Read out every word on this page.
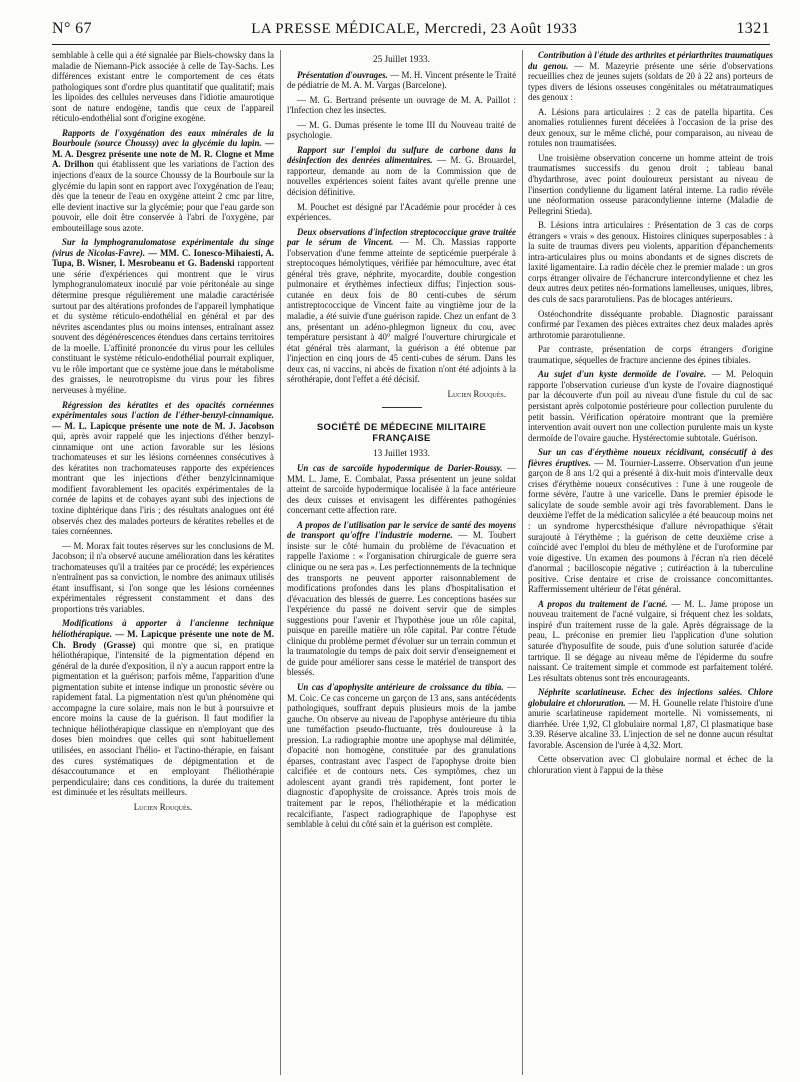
N° 67	LA PRESSE MÉDICALE, Mercredi, 23 Août 1933	1321

semblable à celle qui a été signalée par Biels-chowsky dans la maladie de Niemann-Pick associée à celle de Tay-Sachs. Les différences existant entre le comportement de ces états pathologiques sont d'ordre plus quantitatif que qualitatif; mais les lipoïdes des cellules nerveuses dans l'idiotie amaurotique sont de nature endogène, tandis que ceux de l'appareil réticulo-endothélial sont d'origine exogène.

Rapports de l'oxygénation des eaux minérales de la Bourboule (source Choussy) avec la glycémie du lapin. — M. A. Desgrez présente une note de M. R. Clogne et Mme A. Drilhon qui établissent que les variations de l'action des injections d'eaux de la source Choussy de la Bourboule sur la glycémie du lapin sont en rapport avec l'oxygénation de l'eau; dès que la teneur de l'eau en oxygène atteint 2 cmc par litre, elle devient inactive sur la glycémie; pour que l'eau garde son pouvoir, elle doit être conservée à l'abri de l'oxygène, par embouteillage sous azote.

Sur la lymphogranulomatose expérimentale du singe (virus de Nicolas-Favre). — MM. C. Ionesco-Mihaiesti, A. Tupa, B. Wisner, I. Mesrobeanu et G. Badenski rapportent une série d'expériences qui montrent que le virus lymphogranulomateux inoculé par voie péritonéale au singe détermine presque régulièrement une maladie caractérisée surtout par des altérations profondes de l'appareil lymphatique et du système réticulo-endothélial en général et par des névrites ascendantes plus ou moins intenses, entraînant assez souvent des dégénérescences étendues dans certains territoires de la moelle. L'affinité prononcée du virus pour les cellules constituant le système réticulo-endothélial pourrait expliquer, vu le rôle important que ce système joue dans le métabolisme des graisses, le neurotropisme du virus pour les fibres nerveuses à myéline.

Régression des kératites et des opacités cornéennes expérimentales sous l'action de l'éther-benzyl-cinnamique. — M. L. Lapicque présente une note de M. J. Jacobson qui, après avoir rappelé que les injections d'éther benzyl-cinnamique ont une action favorable sur les lésions trachomateuses et sur les lésions cornéennes consécutives à des kératites non trachomateuses rapporte des expériences montrant que les injections d'éther benzylcinnamique modifient favorablement les opacités expérimentales de la cornée de lapins et de cobayes ayant subi des injections de toxine diphtérique dans l'iris ; des résultats analogues ont été observés chez des malades porteurs de kératites rebelles et de taies cornéennes.

— M. Morax fait toutes réserves sur les conclusions de M. Jacobson; il n'a observé aucune amélioration dans les kératites trachomateuses qu'il a traitées par ce procédé; les expériences n'entraînent pas sa conviction, le nombre des animaux utilisés étant insuffisant, si l'on songe que les lésions cornéennes expérimentales régressent constamment et dans des proportions très variables.

Modifications à apporter à l'ancienne technique héliothérapique. — M. Lapicque présente une note de M. Ch. Brody (Grasse) qui montre que si, en pratique héliothérapique, l'intensité de la pigmentation dépend en général de la durée d'exposition, il n'y a aucun rapport entre la pigmentation et la guérison; parfois même, l'apparition d'une pigmentation subite et intense indique un pronostic sévère ou rapidement fatal. La pigmentation n'est qu'un phénomène qui accompagne la cure solaire, mais non le but à poursuivre et encore moins la cause de la guérison. Il faut modifier la technique héliothérapique classique en n'employant que des doses bien moindres que celles qui sont habituellement utilisées, en associant l'hélio- et l'actino-thérapie, en faisant des cures systématiques de dépigmentation et de désaccoutumance et en employant l'héliothérapie perpendiculaire; dans ces conditions, la durée du traitement est diminuée et les résultats meilleurs.

Lucien Rouquès.

25 Juillet 1933.

Présentation d'ouvrages. — M. H. Vincent présente le Traité de pédiatrie de M. A. M. Vargas (Barcelone).

— M. G. Bertrand présente un ouvrage de M. A. Paillot : l'Infection chez les insectes.

— M. G. Dumas présente le tome III du Nouveau traité de psychologie.

Rapport sur l'emploi du sulfure de carbone dans la désinfection des denrées alimentaires. — M. G. Brouardel, rapporteur, demande au nom de la Commission que de nouvelles expériences soient faites avant qu'elle prenne une décision définitive.

M. Pouchet est désigné par l'Académie pour procéder à ces expériences.

Deux observations d'infection streptococcique grave traitée par le sérum de Vincent. — M. Ch. Massias rapporte l'observation d'une femme atteinte de septicémie puerpérale à streptocoques hémolytiques, vérifiée par hémoculture, avec état général très grave, néphrite, myocardite, double congestion pulmonaire et érythèmes infectieux diffus; l'injection sous-cutanée en deux fois de 80 centi-cubes de sérum antistreptococcique de Vincent faite au vingtième jour de la maladie, a été suivie d'une guérison rapide. Chez un enfant de 3 ans, présentant un adéno-phlegmon ligneux du cou, avec température persistant à 40° malgré l'ouverture chirurgicale et état général très alarmant, la guérison a été obtenue par l'injection en cinq jours de 45 centi-cubes de sérum. Dans les deux cas, ni vaccins, ni abcès de fixation n'ont été adjoints à la sérothérapie, dont l'effet a été décisif.

Lucien Rouquès.

SOCIÉTÉ DE MÉDECINE MILITAIRE FRANÇAISE

13 Juillet 1933.

Un cas de sarcoïde hypodermique de Darier-Roussy. — MM. L. Jame, E. Combalat, Passa présentent un jeune soldat atteint de sarcoïde hypodermique localisée à la face antérieure des deux cuisses et envisagent les différentes pathogénies concernant cette affection rare.

A propos de l'utilisation par le service de santé des moyens de transport qu'offre l'industrie moderne. — M. Toubert insiste sur le côté humain du problème de l'évacuation et rappelle l'axiome : « l'organisation chirurgicale de guerre sera clinique ou ne sera pas ». Les perfectionnements de la technique des transports ne peuvent apporter raisonnablement de modifications profondes dans les plans d'hospitalisation et d'évacuation des blessés de guerre. Les conceptions basées sur l'expérience du passé ne doivent servir que de simples suggestions pour l'avenir et l'hypothèse joue un rôle capital, puisque en pareille matière un rôle capital. Par contre l'étude clinique du problème permet d'évoluer sur un terrain commun et la traumatologie du temps de paix doit servir d'enseignement et de guide pour améliorer sans cesse le matériel de transport des blessés.

Un cas d'apophysite antérieure de croissance du tibia. — M. Coic. Ce cas concerne un garçon de 13 ans, sans antécédents pathologiques, souffrant depuis plusieurs mois de la jambe gauche. On observe au niveau de l'apophyse antérieure du tibia une tuméfaction pseudo-fluctuante, très douloureuse à la pression. La radiographie montre une apophyse mal délimitée, d'opacité non homogène, constituée par des granulations éparses, contrastant avec l'aspect de l'apophyse droite bien calcifiée et de contours nets. Ces symptômes, chez un adolescent ayant grandi très rapidement, font porter le diagnostic d'apophysite de croissance. Après trois mois de traitement par le repos, l'héliothérapie et la médication recalcifiante, l'aspect radiographique de l'apophyse est semblable à celui du côté sain et la guérison est complète.

Contribution à l'étude des arthrites et périarthrites traumatiques du genou. — M. Mazeyrie présente une série d'observations recueillies chez de jeunes sujets (soldats de 20 à 22 ans) porteurs de types divers de lésions osseuses congénitales ou métatraumatiques des genoux :

A. Lésions para articulaires : 2 cas de patella bipartita. Ces anomalies rotuliennes furent décelées à l'occasion de la prise des deux genoux, sur le même cliché, pour comparaison, au niveau de rotules non traumatisées.

Une troisième observation concerne un homme atteint de trois traumatismes successifs du genou droit ; tableau banal d'hydarthrose, avec point douloureux persistant au niveau de l'insertion condylienne du ligament latéral interne. La radio révèle une néoformation osseuse paracondylienne interne (Maladie de Pellegrini Stieda).

B. Lésions intra articulaires : Présentation de 3 cas de corps étrangers « vrais » des genoux. Histoires cliniques superposables : à la suite de traumas divers peu violents, apparition d'épanchements intra-articulaires plus ou moins abondants et de signes discrets de laxité ligamentaire. La radio décèle chez le premier malade : un gros corps étranger olivaire de l'échancrure intercondylienne et chez les deux autres deux petites néo-formations lamelleuses, uniques, libres, des culs de sacs pararotuliens. Pas de blocages antérieurs.

Ostéochondrite disséquante probable. Diagnostic paraissant confirmé par l'examen des pièces extraites chez deux malades après arthrotomie pararotulienne.

Par contraste, présentation de corps étrangers d'origine traumatique, séquelles de fracture ancienne des épines tibiales.

Au sujet d'un kyste dermoïde de l'ovaire. — M. Peloquin rapporte l'observation curieuse d'un kyste de l'ovaire diagnostiqué par la découverte d'un poil au niveau d'une fistule du cul de sac persistant après colpotomie postérieure pour collection purulente du petit bassin. Vérification opératoire montrant que la première intervention avait ouvert non une collection purulente mais un kyste dermoïde de l'ovaire gauche. Hystérectomie subtotale. Guérison.

Sur un cas d'érythème noueux récidivant, consécutif à des fièvres éruptives. — M. Tournier-Lasserre. Observation d'un jeune garçon de 8 ans 1/2 qui a présenté à dix-huit mois d'intervalle deux crises d'érythème noueux consécutives : l'une à une rougeole de forme sévère, l'autre à une varicelle. Dans le premier épisode le salicylate de soude semble avoir agi très favorablement. Dans le deuxième l'effet de la médication salicylée a été beaucoup moins net : un syndrome hypercsthésique d'allure névropathique s'était surajouté à l'érythème ; la guérison de cette deuxième crise a coïncidé avec l'emploi du bleu de méthylène et de l'uroformine par voie digestive. Un examen des poumons à l'écran n'a rien décelé d'anormal ; bacilloscopie négative ; cutiréaction à la tuberculine positive. Crise dentaire et crise de croissance concomittantes. Raffermissement ultérieur de l'état général.

A propos du traitement de l'acné. — M. L. Jame propose un nouveau traitement de l'acné vulgaire, si fréquent chez les soldats, inspiré d'un traitement russe de la gale. Après dégraissage de la peau, L. préconise en premier lieu l'application d'une solution saturée d'hyposulfite de soude, puis d'une solution saturée d'acide tartrique. Il se dégage au niveau même de l'épiderme du soufre naissant. Ce traitement simple et commode est parfaitement toléré. Les résultats obtenus sont très encourageants.

Néphrite scarlatineuse. Echec des injections salées. Chlore globulaire et chloruration. — M. H. Gounelle relate l'histoire d'une anurie scarlatineuse rapidement mortelle. Ni vomissements, ni diarrhée. Urée 1,92, Cl globulaire normal 1,87, Cl plasmatique base 3.39. Réserve alcaline 33. L'injection de sel ne donne aucun résultat favorable. Ascension de l'urée à 4,32. Mort.

Cette observation avec Cl globulaire normal et échec de la chloruration vient à l'appui de la thèse
